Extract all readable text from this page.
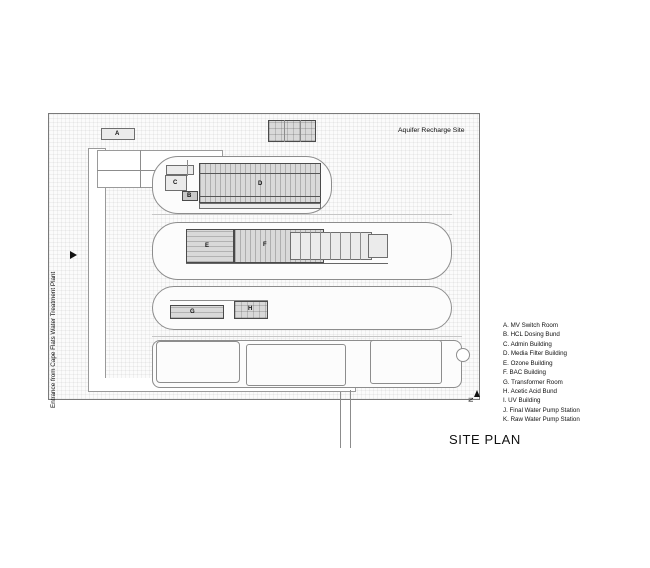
A
D
C
B
E	F
G	H
Aquifer Recharge Site
Entrance from Cape Flats Water Treatment Plant	N
A. MV Switch Room
B. HCL Dosing Bund
C. Admin Building
D. Media Filter Building
E. Ozone Building
F. BAC Building
G. Transformer Room
H. Acetic Acid Bund
I. UV Building
J. Final Water Pump Station
K. Raw Water Pump Station
SITE PLAN
